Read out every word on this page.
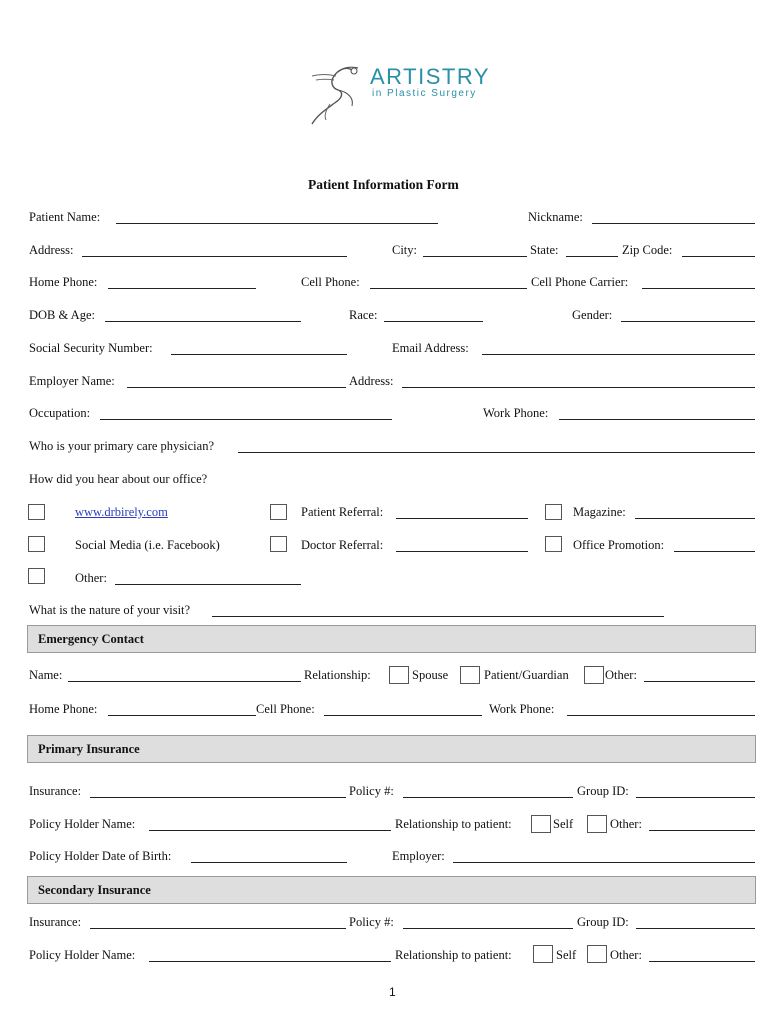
ARTISTRY
in Plastic Surgery
Patient Information Form
Patient Name:	Nickname:
Address:	City:	State:	Zip Code:
Home Phone:	Cell Phone:	Cell Phone Carrier:
DOB & Age:	Race:	Gender:
Social Security Number:	Email Address:
Employer Name:	Address:
Occupation:	Work Phone:
Who is your primary care physician?
How did you hear about our office?
www.drbirely.com	Patient Referral:	Magazine:
Social Media (i.e. Facebook)	Doctor Referral:	Office Promotion:
Other:
What is the nature of your visit?
Emergency Contact
Name:	Relationship:	Spouse	Patient/Guardian	Other:
Home Phone:	Cell Phone:	Work Phone:
Primary Insurance
Insurance:	Policy #:	Group ID:
Policy Holder Name:	Relationship to patient:	Self	Other:
Policy Holder Date of Birth:	Employer:
Secondary Insurance
Insurance:	Policy #:	Group ID:
Policy Holder Name:	Relationship to patient:	Self	Other:
1
